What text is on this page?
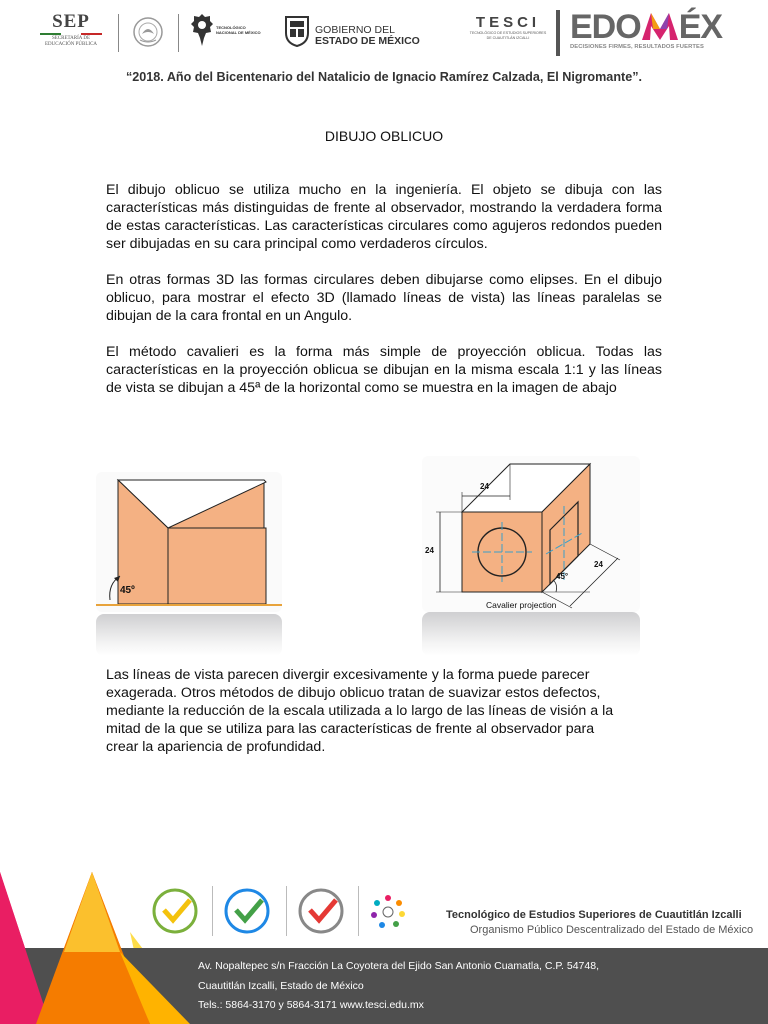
SEP
SECRETARÍA DE
EDUCACIÓN PÚBLICA
TECNOLÓGICO
NACIONAL DE MÉXICO	GOBIERNO DEL
ESTADO DE MÉXICO
TESCI
TECNOLÓGICO DE ESTUDIOS SUPERIORES
DE CUAUTITLÁN IZCALLI	EDO ÉX
DECISIONES FIRMES, RESULTADOS FUERTES
“2018. Año del Bicentenario del Natalicio de Ignacio Ramírez Calzada, El Nigromante”.
DIBUJO OBLICUO

El dibujo oblicuo se utiliza mucho en la ingeniería. El objeto se dibuja con las características más distinguidas de frente al observador, mostrando la verdadera forma de estas características. Las características circulares como agujeros redondos pueden ser dibujadas en su cara principal como verdaderos círculos.

En otras formas 3D las formas circulares deben dibujarse como elipses. En el dibujo oblicuo, para mostrar el efecto 3D (llamado líneas de vista) las líneas paralelas se dibujan de la cara frontal en un Angulo.

El método cavalieri es la forma más simple de proyección oblicua. Todas las características en la proyección oblicua se dibujan en la misma escala 1:1 y las líneas de vista se dibujan a 45ª de la horizontal como se muestra en la imagen de abajo

45º
24
24
24
45°
Cavalier projection
Las líneas de vista parecen divergir excesivamente y la forma puede parecer
exagerada. Otros métodos de dibujo oblicuo tratan de suavizar estos defectos,
mediante la reducción de la escala utilizada a lo largo de las líneas de visión a la
mitad de la que se utiliza para las características de frente al observador para
crear la apariencia de profundidad.
Tecnológico de Estudios Superiores de Cuautitlán Izcalli
Organismo Público Descentralizado del Estado de México
Av. Nopaltepec s/n Fracción La Coyotera del Ejido San Antonio Cuamatla, C.P. 54748,
Cuautitlán Izcalli, Estado de México
Tels.: 5864-3170 y 5864-3171 www.tesci.edu.mx
